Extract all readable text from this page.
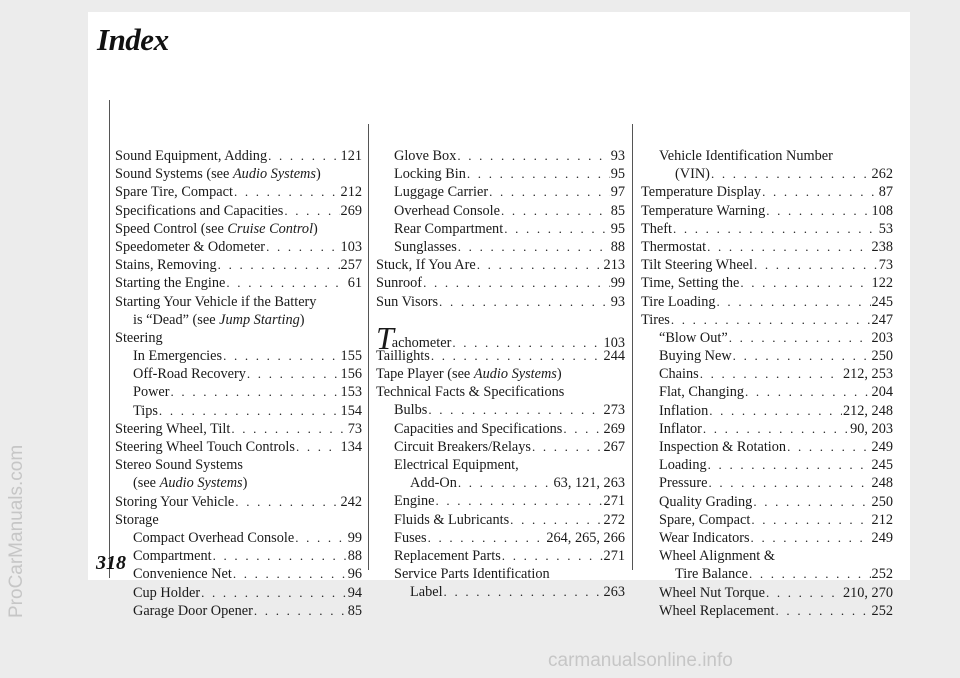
Index
Sound Equipment, Adding . . .	121
Sound Systems (see Audio Systems)
Spare Tire, Compact . . .	212
Specifications and Capacities . . .	269
Speed Control (see Cruise Control)
Speedometer & Odometer . . .	103
Stains, Removing . . .	257
Starting the Engine . . .	61
Starting Your Vehicle if the Battery
is “Dead” (see Jump Starting)
Steering
In Emergencies . . .	155
Off-Road Recovery . . .	156
Power . . .	153
Tips . . .	154
Steering Wheel, Tilt . . .	73
Steering Wheel Touch Controls . . .	134
Stereo Sound Systems
(see Audio Systems)
Storing Your Vehicle . . .	242
Storage
Compact Overhead Console . . .	99
Compartment . . .	88
Convenience Net . . .	96
Cup Holder . . .	94
Garage Door Opener . . .	85
Glove Box . . .	93
Locking Bin . . .	95
Luggage Carrier . . .	97
Overhead Console . . .	85
Rear Compartment . . .	95
Sunglasses . . .	88
Stuck, If You Are . . .	213
Sunroof . . .	99
Sun Visors . . .	93
Tachometer . . .	103
Taillights . . .	244
Tape Player (see Audio Systems)
Technical Facts & Specifications
Bulbs . . .	273
Capacities and Specifications . . .	269
Circuit Breakers/Relays . . .	267
Electrical Equipment,
Add-On . . .	63, 121, 263
Engine . . .	271
Fluids & Lubricants . . .	272
Fuses . . .	264, 265, 266
Replacement Parts . . .	271
Service Parts Identification
Label . . .	263
Vehicle Identification Number
(VIN) . . .	262
Temperature Display . . .	87
Temperature Warning . . .	108
Theft . . .	53
Thermostat . . .	238
Tilt Steering Wheel . . .	73
Time, Setting the . . .	122
Tire Loading . . .	245
Tires . . .	247
“Blow Out” . . .	203
Buying New . . .	250
Chains . . .	212, 253
Flat, Changing . . .	204
Inflation . . .	212, 248
Inflator . . .	90, 203
Inspection & Rotation . . .	249
Loading . . .	245
Pressure . . .	248
Quality Grading . . .	250
Spare, Compact . . .	212
Wear Indicators . . .	249
Wheel Alignment &
Tire Balance . . .	252
Wheel Nut Torque . . .	210, 270
Wheel Replacement . . .	252
318
ProCarManuals.com
carmanualsonline.info
